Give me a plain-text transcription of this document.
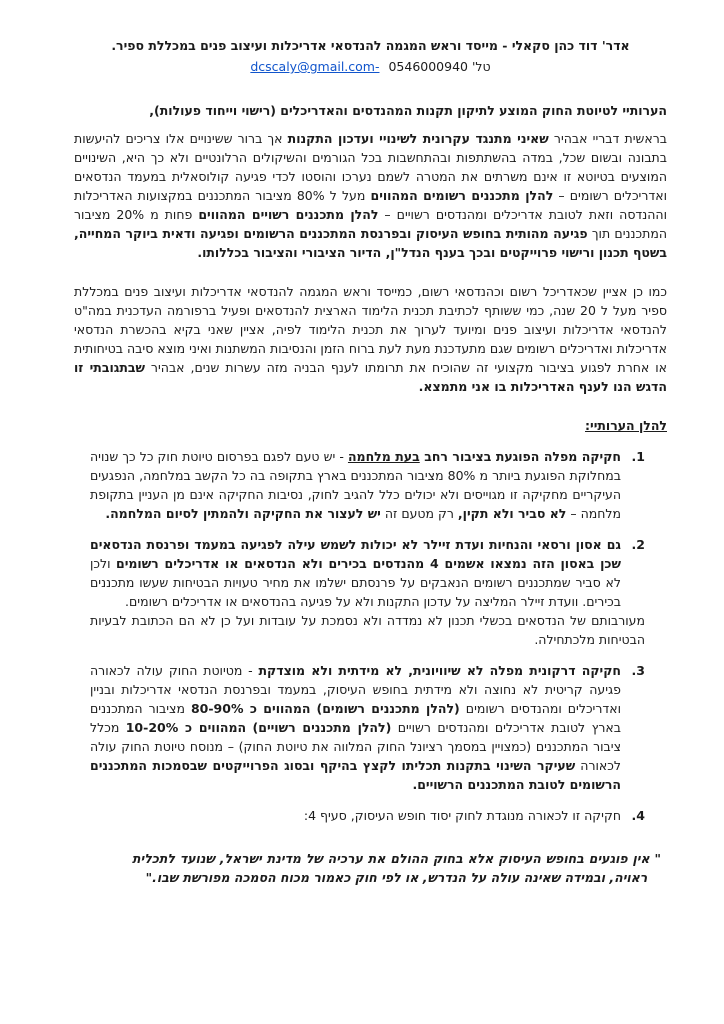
אדר' דוד כהן סקאלי - מייסד וראש המגמה להנדסאי אדריכלות ועיצוב פנים במכללת ספיר.
טל' 0546000940 dcscaly@gmail.com-

הערותיי לטיוטת החוק המוצע לתיקון תקנות המהנדסים והאדריכלים (רישוי וייחוד פעולות),

בראשית דבריי אבהיר שאיני מתנגד עקרונית לשינויי ועדכון התקנות אך ברור ששינויים אלו צריכים להיעשות בתבונה ובשום שכל, במדה בהשתתפות ובהתחשבות בכל הגורמים והשיקולים הרלונטיים ולא כך היא, השינויים המוצעים בטיוטא זו אינם משרתים את המטרה לשמם נערכו והוסטו לכדי פגיעה קולוסאלית במעמד הנדסאים ואדריכלים רשומים – להלן מתכננים רשומים המהווים מעל ל 80% מציבור המתכננים במקצועות האדריכלות וההנדסה וזאת לטובת אדריכלים ומהנדסים רשויים – להלן מתכננים רשויים המהווים פחות מ 20% מציבור המתכננים תוך פגיעה מהותית בחופש העיסוק ובפרנסת המתכננים הרשומים ופגיעה ודאית ביוקר המחייה, בשטף תכנון ורישוי פרוייקטים ובכך בענף הנדל"ן, הדיור הציבורי והציבור בכללותו.

כמו כן אציין שכאדריכל רשום וכהנדסאי רשום, כמייסד וראש המגמה להנדסאי אדריכלות ועיצוב פנים במכללת ספיר מעל ל 20 שנה, כמי ששותף לכתיבת תכנית הלימוד הארצית להנדסאים ופעיל ברפורמה העדכנית במה"ט להנדסאי אדריכלות ועיצוב פנים ומיועד לערוך את תכנית הלימוד לפיה, אציין שאני בקיא בהכשרת הנדסאי אדריכלות ואדריכלים רשומים שגם מתעדכנת מעת לעת ברוח הזמן והנסיבות המשתנות ואיני מוצא סיבה בטיחותית או אחרת לפגוע בציבור מקצועי זה שהוכיח את תרומתו לענף הבניה מזה עשרות שנים, אבהיר שבתגובתי זו הדגש הנו לענף האדריכלות בו אני מתמצא.

להלן הערותיי:

1.

חקיקה מפלה הפוגעת בציבור רחב בעת מלחמה - יש טעם לפגם בפרסום טיוטת חוק כל כך שנויה במחלוקת הפוגעת ביותר מ 80% מציבור המתכננים בארץ בתקופה בה כל הקשב במלחמה, הנפגעים העיקריים מחקיקה זו מגוייסים ולא יכולים כלל להגיב לחוק, נסיבות החקיקה אינם מן העניין בתקופת מלחמה – לא סביר ולא תקין, רק מטעם זה יש לעצור את החקיקה ולהמתין לסיום המלחמה.

2.

גם אסון ורסאי והנחיות ועדת זיילר לא יכולות לשמש עילה לפגיעה במעמד ופרנסת הנדסאים שכן באסון הזה נמצאו אשמים 4 מהנדסים בכירים ולא הנדסאים או אדריכלים רשומים ולכן לא סביר שמתכננים רשומים הנאבקים על פרנסתם ישלמו את מחיר טעויות הבטיחות שעשו מתכננים בכירים. וועדת זיילר המליצה על עדכון התקנות ולא על פגיעה בהנדסאים או אדריכלים רשומים.

מעורבותם של הנדסאים בכשלי תכנון לא נמדדה ולא נסמכת על עובדות ועל כן לא הם הכתובת לבעיות הבטיחות מלכתחילה.

3.

חקיקה דרקונית מפלה לא שיוויונית, לא מידתית ולא מוצדקת - מטיוטת החוק עולה לכאורה פגיעה קריטית לא נחוצה ולא מידתית בחופש העיסוק, במעמד ובפרנסת הנדסאי אדריכלות ובניין ואדריכלים ומהנדסים רשומים (להלן מתכננים רשומים) המהווים כ 80-90% מציבור המתכננים בארץ לטובת אדריכלים ומהנדסים רשויים (להלן מתכננים רשויים) המהווים כ 10-20% מכלל ציבור המתכננים (כמצויין במסמך רציונל החוק המלווה את טיוטת החוק) – מנוסח טיוטת החוק עולה לכאורה שעיקר השינוי בתקנות תכליתו לקצץ בהיקף ובסוג הפרוייקטים שבסמכות המתכננים הרשומים לטובת המתכננים הרשויים.

4.

חקיקה זו לכאורה מנוגדת לחוק יסוד חופש העיסוק, סעיף 4:

" אין פוגעים בחופש העיסוק אלא בחוק ההולם את ערכיה של מדינת ישראל, שנועד לתכלית ראויה, ובמידה שאינה עולה על הנדרש, או לפי חוק כאמור מכוח הסמכה מפורשת שבו."
